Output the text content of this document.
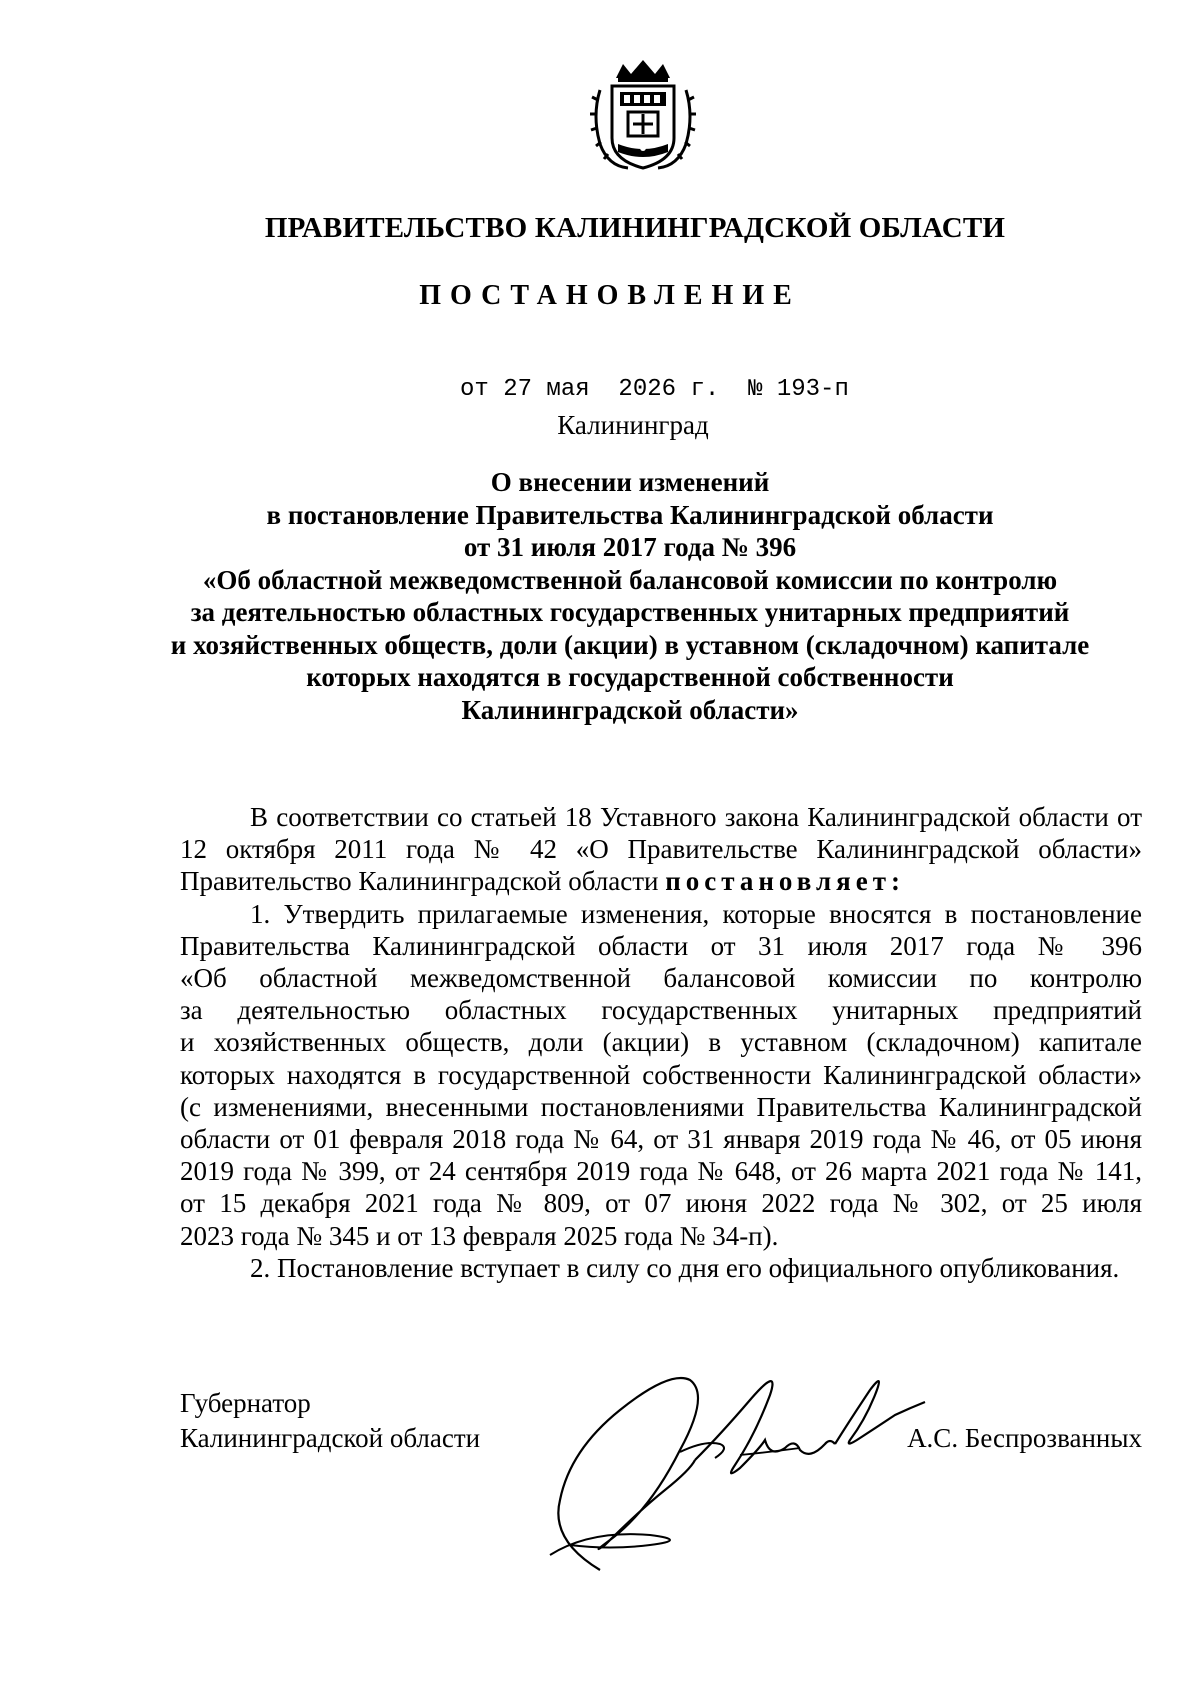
ПРАВИТЕЛЬСТВО КАЛИНИНГРАДСКОЙ ОБЛАСТИ
ПОСТАНОВЛЕНИЕ
от 27 мая  2026 г.  № 193-п
Калининград
О внесении изменений
в постановление Правительства Калининградской области
от 31 июля 2017 года № 396
«Об областной межведомственной балансовой комиссии по контролю
за деятельностью областных государственных унитарных предприятий
и хозяйственных обществ, доли (акции) в уставном (складочном) капитале
которых находятся в государственной собственности
Калининградской области»

В соответствии со статьей 18 Уставного закона Калининградской области от 12 октября 2011 года № 42 «О Правительстве Калининградской области» Правительство Калининградской области постановляет:

1. Утвердить прилагаемые изменения, которые вносятся в постановление
Правительства Калининградской области от 31 июля 2017 года № 396
«Об областной межведомственной балансовой комиссии по контролю
за деятельностью областных государственных унитарных предприятий
и хозяйственных обществ, доли (акции) в уставном (складочном) капитале
которых находятся в государственной собственности Калининградской области»
(с изменениями, внесенными постановлениями Правительства Калининградской
области от 01 февраля 2018 года № 64, от 31 января 2019 года № 46, от 05 июня
2019 года № 399, от 24 сентября 2019 года № 648, от 26 марта 2021 года № 141,
от 15 декабря 2021 года № 809, от 07 июня 2022 года № 302, от 25 июля
2023 года № 345 и от 13 февраля 2025 года № 34-п).

2. Постановление вступает в силу со дня его официального опубликования.

Губернатор
Калининградской области	А.С. Беспрозванных
